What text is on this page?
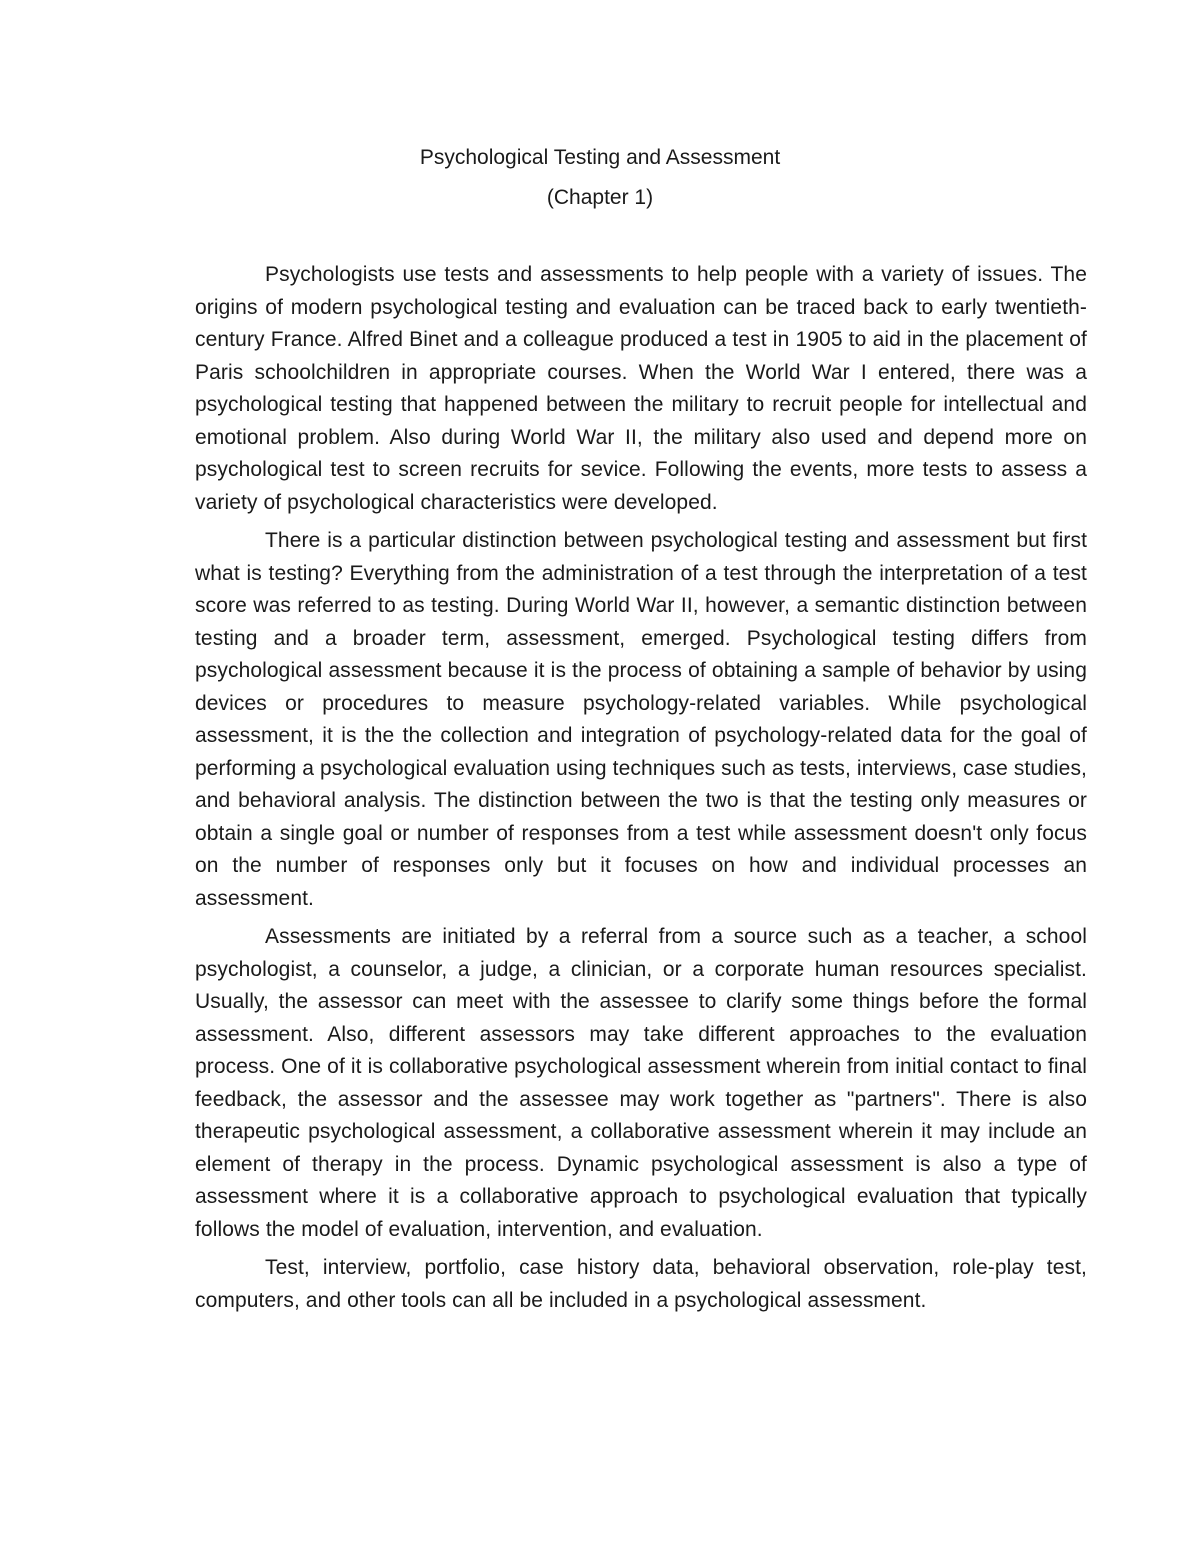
Psychological Testing and Assessment
(Chapter 1)

Psychologists use tests and assessments to help people with a variety of issues. The origins of modern psychological testing and evaluation can be traced back to early twentieth-century France. Alfred Binet and a colleague produced a test in 1905 to aid in the placement of Paris schoolchildren in appropriate courses. When the World War I entered, there was a psychological testing that happened between the military to recruit people for intellectual and emotional problem. Also during World War II, the military also used and depend more on psychological test to screen recruits for sevice. Following the events, more tests to assess a variety of psychological characteristics were developed.

There is a particular distinction between psychological testing and assessment but first what is testing? Everything from the administration of a test through the interpretation of a test score was referred to as testing. During World War II, however, a semantic distinction between testing and a broader term, assessment, emerged. Psychological testing differs from psychological assessment because it is the process of obtaining a sample of behavior by using devices or procedures to measure psychology-related variables. While psychological assessment, it is the the collection and integration of psychology-related data for the goal of performing a psychological evaluation using techniques such as tests, interviews, case studies, and behavioral analysis. The distinction between the two is that the testing only measures or obtain a single goal or number of responses from a test while assessment doesn't only focus on the number of responses only but it focuses on how and individual processes an assessment.

Assessments are initiated by a referral from a source such as a teacher, a school psychologist, a counselor, a judge, a clinician, or a corporate human resources specialist. Usually, the assessor can meet with the assessee to clarify some things before the formal assessment. Also, different assessors may take different approaches to the evaluation process. One of it is collaborative psychological assessment wherein from initial contact to final feedback, the assessor and the assessee may work together as "partners". There is also therapeutic psychological assessment, a collaborative assessment wherein it may include an element of therapy in the process. Dynamic psychological assessment is also a type of assessment where it is a collaborative approach to psychological evaluation that typically follows the model of evaluation, intervention, and evaluation.

Test, interview, portfolio, case history data, behavioral observation, role-play test, computers, and other tools can all be included in a psychological assessment.
